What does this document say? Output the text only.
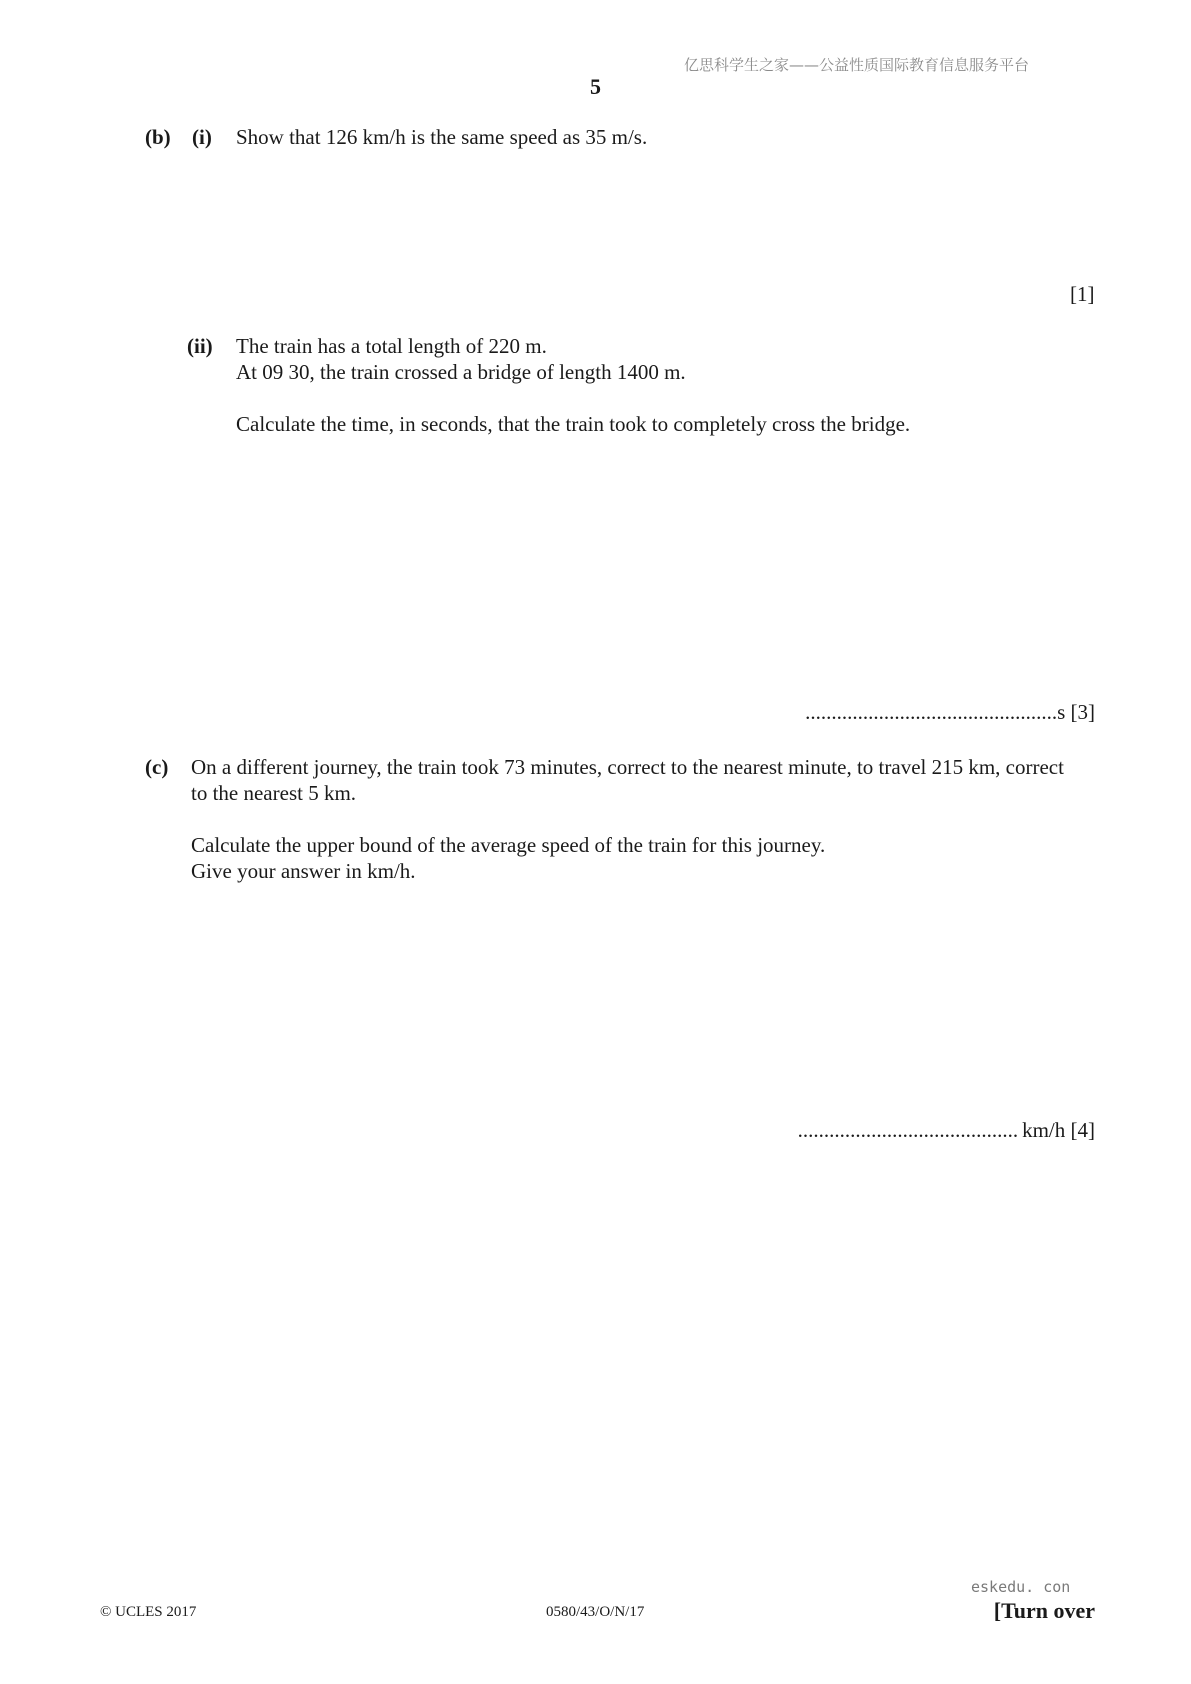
亿思科学生之家——公益性质国际教育信息服务平台
5
(b) (i) Show that 126 km/h is the same speed as 35 m/s.
[1]
(ii) The train has a total length of 220 m.
At 09 30, the train crossed a bridge of length 1400 m.
Calculate the time, in seconds, that the train took to completely cross the bridge.
................................................s [3]
(c) On a different journey, the train took 73 minutes, correct to the nearest minute, to travel 215 km, correct
to the nearest 5 km.
Calculate the upper bound of the average speed of the train for this journey.
Give your answer in km/h.
.......................................... km/h [4]
eskedu. con
© UCLES 2017	0580/43/O/N/17	[Turn over
